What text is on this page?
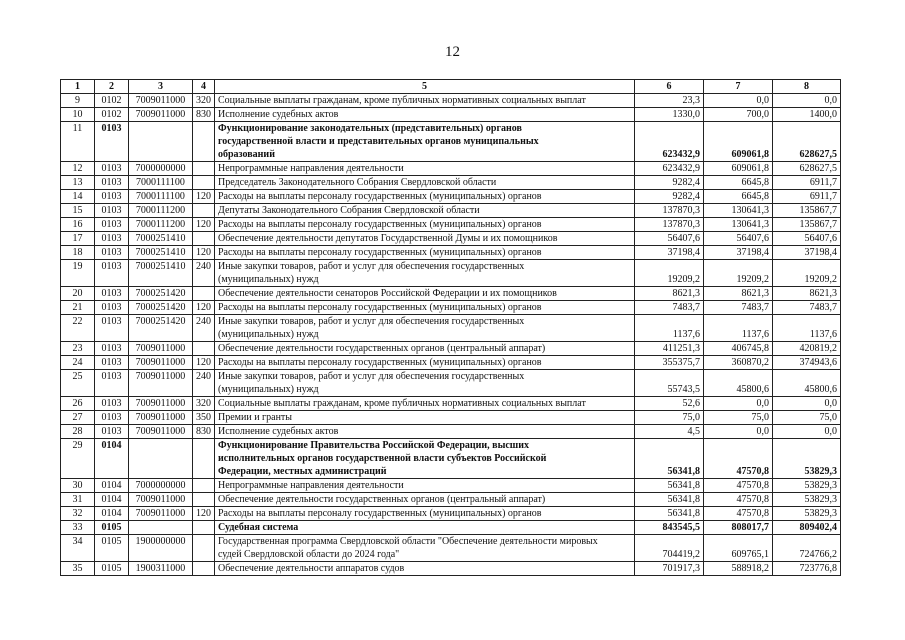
12
1	2	3	4	5	6	7	8
9	0102	7009011000	320	Социальные выплаты гражданам, кроме публичных нормативных социальных выплат	23,3	0,0	0,0
10	0102	7009011000	830	Исполнение судебных актов	1330,0	700,0	1400,0
11	0103			Функционирование законодательных (представительных) органов
государственной власти и представительных органов муниципальных
образований	623432,9	609061,8	628627,5
12	0103	7000000000		Непрограммные направления деятельности	623432,9	609061,8	628627,5
13	0103	7000111100		Председатель Законодательного Собрания Свердловской области	9282,4	6645,8	6911,7
14	0103	7000111100	120	Расходы на выплаты персоналу государственных (муниципальных) органов	9282,4	6645,8	6911,7
15	0103	7000111200		Депутаты Законодательного Собрания Свердловской области	137870,3	130641,3	135867,7
16	0103	7000111200	120	Расходы на выплаты персоналу государственных (муниципальных) органов	137870,3	130641,3	135867,7
17	0103	7000251410		Обеспечение деятельности депутатов Государственной Думы и их помощников	56407,6	56407,6	56407,6
18	0103	7000251410	120	Расходы на выплаты персоналу государственных (муниципальных) органов	37198,4	37198,4	37198,4
19	0103	7000251410	240	Иные закупки товаров, работ и услуг для обеспечения государственных
(муниципальных) нужд	19209,2	19209,2	19209,2
20	0103	7000251420		Обеспечение деятельности сенаторов Российской Федерации и их помощников	8621,3	8621,3	8621,3
21	0103	7000251420	120	Расходы на выплаты персоналу государственных (муниципальных) органов	7483,7	7483,7	7483,7
22	0103	7000251420	240	Иные закупки товаров, работ и услуг для обеспечения государственных
(муниципальных) нужд	1137,6	1137,6	1137,6
23	0103	7009011000		Обеспечение деятельности государственных органов (центральный аппарат)	411251,3	406745,8	420819,2
24	0103	7009011000	120	Расходы на выплаты персоналу государственных (муниципальных) органов	355375,7	360870,2	374943,6
25	0103	7009011000	240	Иные закупки товаров, работ и услуг для обеспечения государственных
(муниципальных) нужд	55743,5	45800,6	45800,6
26	0103	7009011000	320	Социальные выплаты гражданам, кроме публичных нормативных социальных выплат	52,6	0,0	0,0
27	0103	7009011000	350	Премии и гранты	75,0	75,0	75,0
28	0103	7009011000	830	Исполнение судебных актов	4,5	0,0	0,0
29	0104			Функционирование Правительства Российской Федерации, высших
исполнительных органов государственной власти субъектов Российской
Федерации, местных администраций	56341,8	47570,8	53829,3
30	0104	7000000000		Непрограммные направления деятельности	56341,8	47570,8	53829,3
31	0104	7009011000		Обеспечение деятельности государственных органов (центральный аппарат)	56341,8	47570,8	53829,3
32	0104	7009011000	120	Расходы на выплаты персоналу государственных (муниципальных) органов	56341,8	47570,8	53829,3
33	0105			Судебная система	843545,5	808017,7	809402,4
34	0105	1900000000		Государственная программа Свердловской области "Обеспечение деятельности мировых
судей Свердловской области до 2024 года"	704419,2	609765,1	724766,2
35	0105	1900311000		Обеспечение деятельности аппаратов судов	701917,3	588918,2	723776,8
